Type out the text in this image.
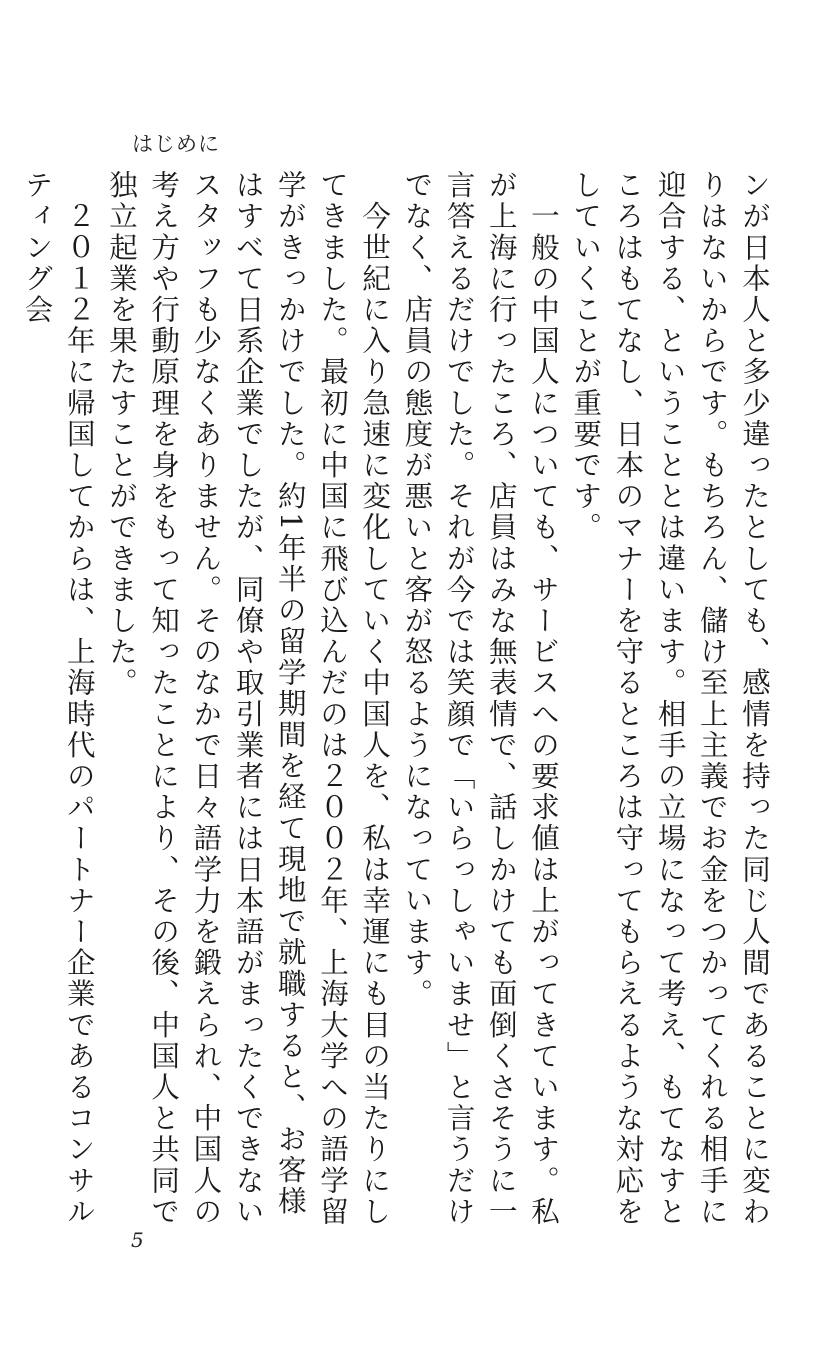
はじめに

ンが日本人と多少違ったとしても、感情を持った同じ人間であることに変わりはないからです。もちろん、儲け至上主義でお金をつかってくれる相手に迎合する、ということとは違います。相手の立場になって考え、もてなすところはもてなし、日本のマナーを守るところは守ってもらえるような対応をしていくことが重要です。

　一般の中国人についても、サービスへの要求値は上がってきています。私が上海に行ったころ、店員はみな無表情で、話しかけても面倒くさそうに一言答えるだけでした。それが今では笑顔で「いらっしゃいませ」と言うだけでなく、店員の態度が悪いと客が怒るようになっています。

　今世紀に入り急速に変化していく中国人を、私は幸運にも目の当たりにしてきました。最初に中国に飛び込んだのは２００２年、上海大学への語学留学がきっかけでした。約1年半の留学期間を経て現地で就職すると、お客様はすべて日系企業でしたが、同僚や取引業者には日本語がまったくできないスタッフも少なくありません。そのなかで日々語学力を鍛えられ、中国人の考え方や行動原理を身をもって知ったことにより、その後、中国人と共同で独立起業を果たすことができました。

　２０１２年に帰国してからは、上海時代のパートナー企業であるコンサルティング会

5
